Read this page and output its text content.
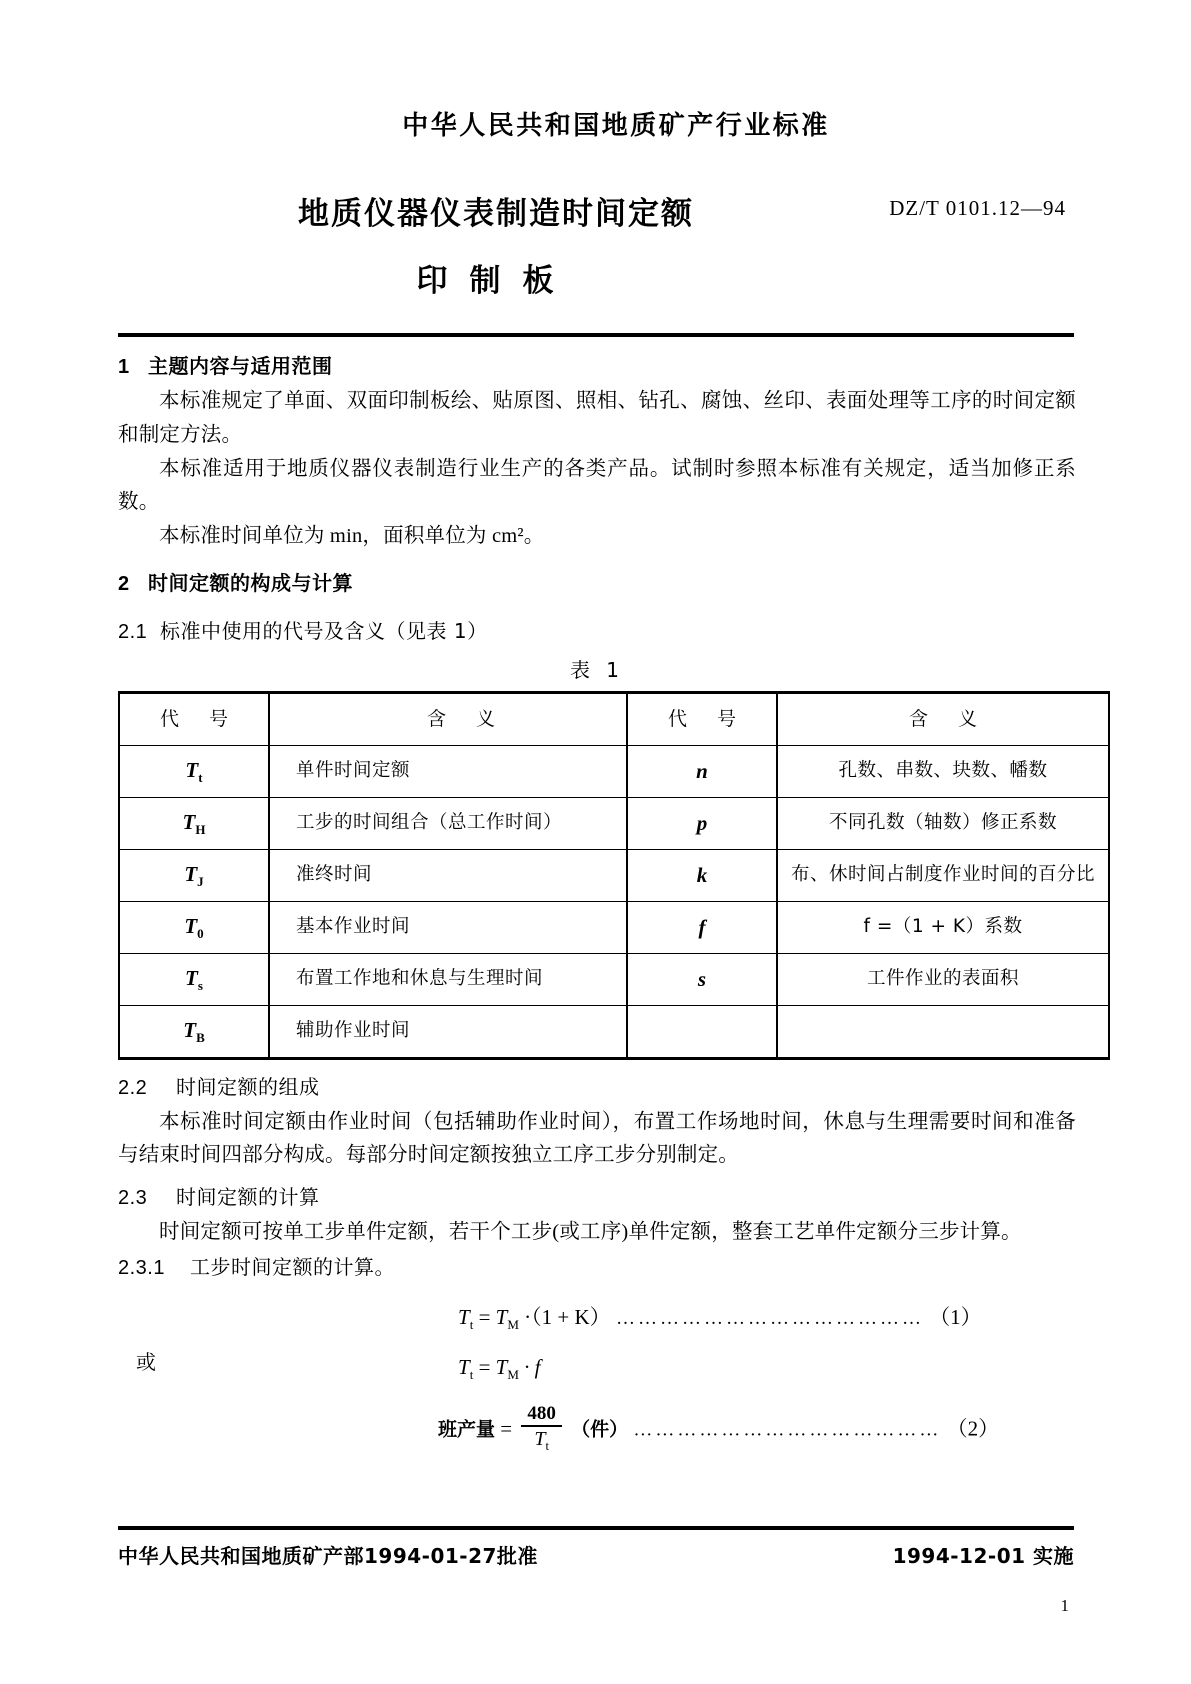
中华人民共和国地质矿产行业标准
地质仪器仪表制造时间定额
印制板
DZ/T 0101.12—94
1 主题内容与适用范围
本标准规定了单面、双面印制板绘、贴原图、照相、钻孔、腐蚀、丝印、表面处理等工序的时间定额和制定方法。
本标准适用于地质仪器仪表制造行业生产的各类产品。试制时参照本标准有关规定，适当加修正系数。
本标准时间单位为 min，面积单位为 cm²。
2 时间定额的构成与计算
2.1 标准中使用的代号及含义（见表 1）
表 1
代 号	含 义	代 号	含 义
$T_t$	单件时间定额	n	孔数、串数、块数、幡数
$T_H$	工步的时间组合（总工作时间）	p	不同孔数（轴数）修正系数
$T_J$	准终时间	k	布、休时间占制度作业时间的百分比
$T_0$	基本作业时间	f	f =（1 + K）系数
$T_s$	布置工作地和休息与生理时间	s	工件作业的表面积
$T_B$	辅助作业时间		
2.2 时间定额的组成
本标准时间定额由作业时间（包括辅助作业时间），布置工作场地时间，休息与生理需要时间和准备与结束时间四部分构成。每部分时间定额按独立工序工步分别制定。
2.3 时间定额的计算
时间定额可按单工步单件定额，若干个工步(或工序)单件定额，整套工艺单件定额分三步计算。
2.3.1 工步时间定额的计算。
$T_t = T_M \cdot(1 + K)$ …………………………………… （1）
或	$T_t = T_M \cdot f$
班产量 = $\frac{480}{T_t}$ （件） …………………………………… （2）
中华人民共和国地质矿产部1994-01-27批准	1994-12-01 实施
1
